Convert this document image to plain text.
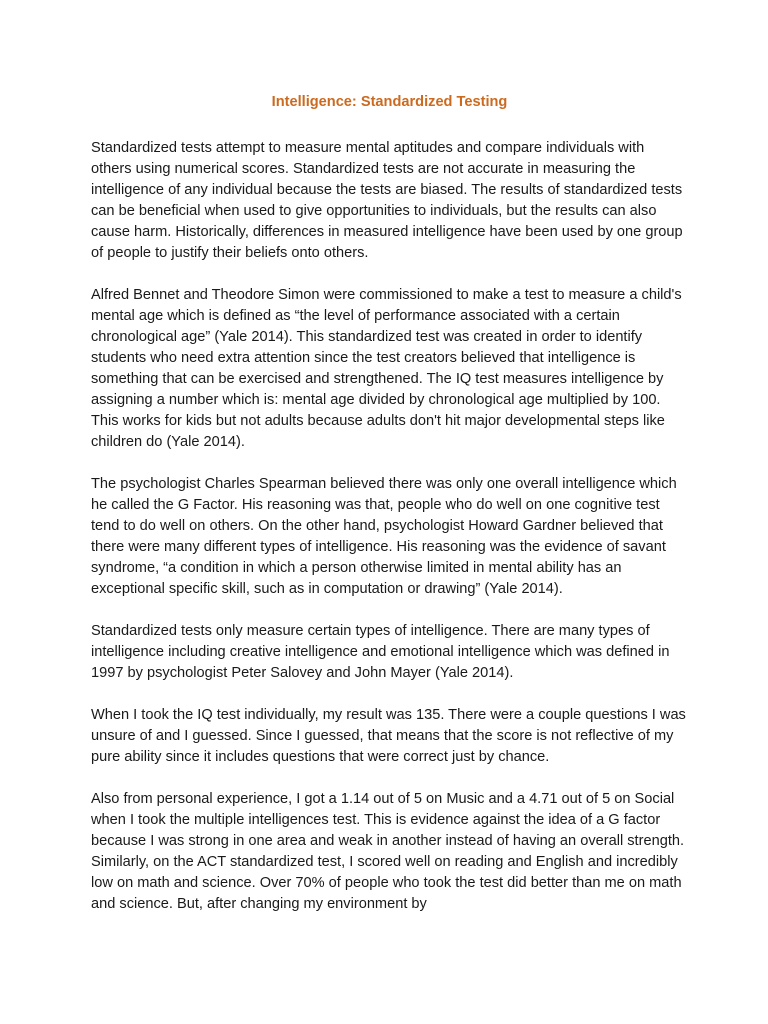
Intelligence: Standardized Testing

Standardized tests attempt to measure mental aptitudes and compare individuals with others using numerical scores. Standardized tests are not accurate in measuring the intelligence of any individual because the tests are biased. The results of standardized tests can be beneficial when used to give opportunities to individuals, but the results can also cause harm. Historically, differences in measured intelligence have been used by one group of people to justify their beliefs onto others.

Alfred Bennet and Theodore Simon were commissioned to make a test to measure a child's mental age which is defined as “the level of performance associated with a certain chronological age” (Yale 2014). This standardized test was created in order to identify students who need extra attention since the test creators believed that intelligence is something that can be exercised and strengthened. The IQ test measures intelligence by assigning a number which is: mental age divided by chronological age multiplied by 100. This works for kids but not adults because adults don't hit major developmental steps like children do (Yale 2014).

The psychologist Charles Spearman believed there was only one overall intelligence which he called the G Factor. His reasoning was that, people who do well on one cognitive test tend to do well on others. On the other hand, psychologist Howard Gardner believed that there were many different types of intelligence. His reasoning was the evidence of savant syndrome, “a condition in which a person otherwise limited in mental ability has an exceptional specific skill, such as in computation or drawing” (Yale 2014).

Standardized tests only measure certain types of intelligence. There are many types of intelligence including creative intelligence and emotional intelligence which was defined in 1997 by psychologist Peter Salovey and John Mayer (Yale 2014).

When I took the IQ test individually, my result was 135. There were a couple questions I was unsure of and I guessed. Since I guessed, that means that the score is not reflective of my pure ability since it includes questions that were correct just by chance.

Also from personal experience, I got a 1.14 out of 5 on Music and a 4.71 out of 5 on Social when I took the multiple intelligences test. This is evidence against the idea of a G factor because I was strong in one area and weak in another instead of having an overall strength. Similarly, on the ACT standardized test, I scored well on reading and English and incredibly low on math and science. Over 70% of people who took the test did better than me on math and science. But, after changing my environment by
